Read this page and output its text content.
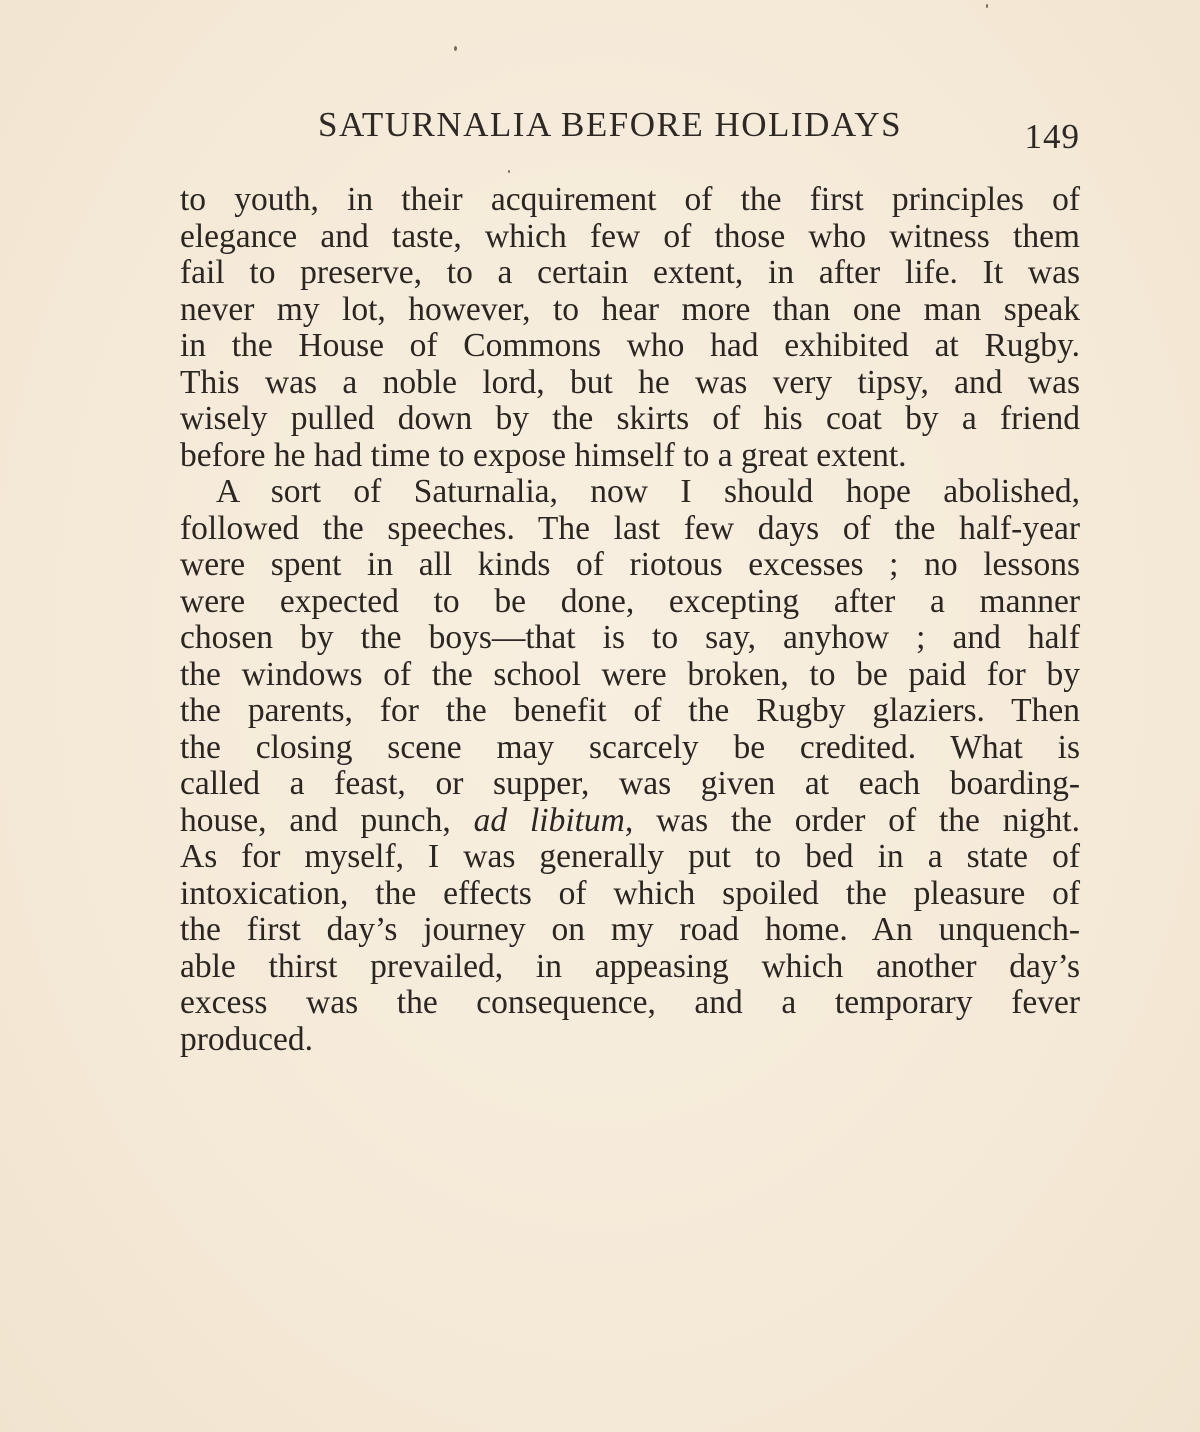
SATURNALIA BEFORE HOLIDAYS	149
to youth, in their acquirement of the first principles of
elegance and taste, which few of those who witness them
fail to preserve, to a certain extent, in after life. It was
never my lot, however, to hear more than one man speak
in the House of Commons who had exhibited at Rugby.
This was a noble lord, but he was very tipsy, and was
wisely pulled down by the skirts of his coat by a friend
before he had time to expose himself to a great extent.
A sort of Saturnalia, now I should hope abolished,
followed the speeches. The last few days of the half-year
were spent in all kinds of riotous excesses ; no lessons
were expected to be done, excepting after a manner
chosen by the boys—that is to say, anyhow ; and half
the windows of the school were broken, to be paid for by
the parents, for the benefit of the Rugby glaziers. Then
the closing scene may scarcely be credited. What is
called a feast, or supper, was given at each boarding-
house, and punch, ad libitum, was the order of the night.
As for myself, I was generally put to bed in a state of
intoxication, the effects of which spoiled the pleasure of
the first day’s journey on my road home. An unquench-
able thirst prevailed, in appeasing which another day’s
excess was the consequence, and a temporary fever
produced.
